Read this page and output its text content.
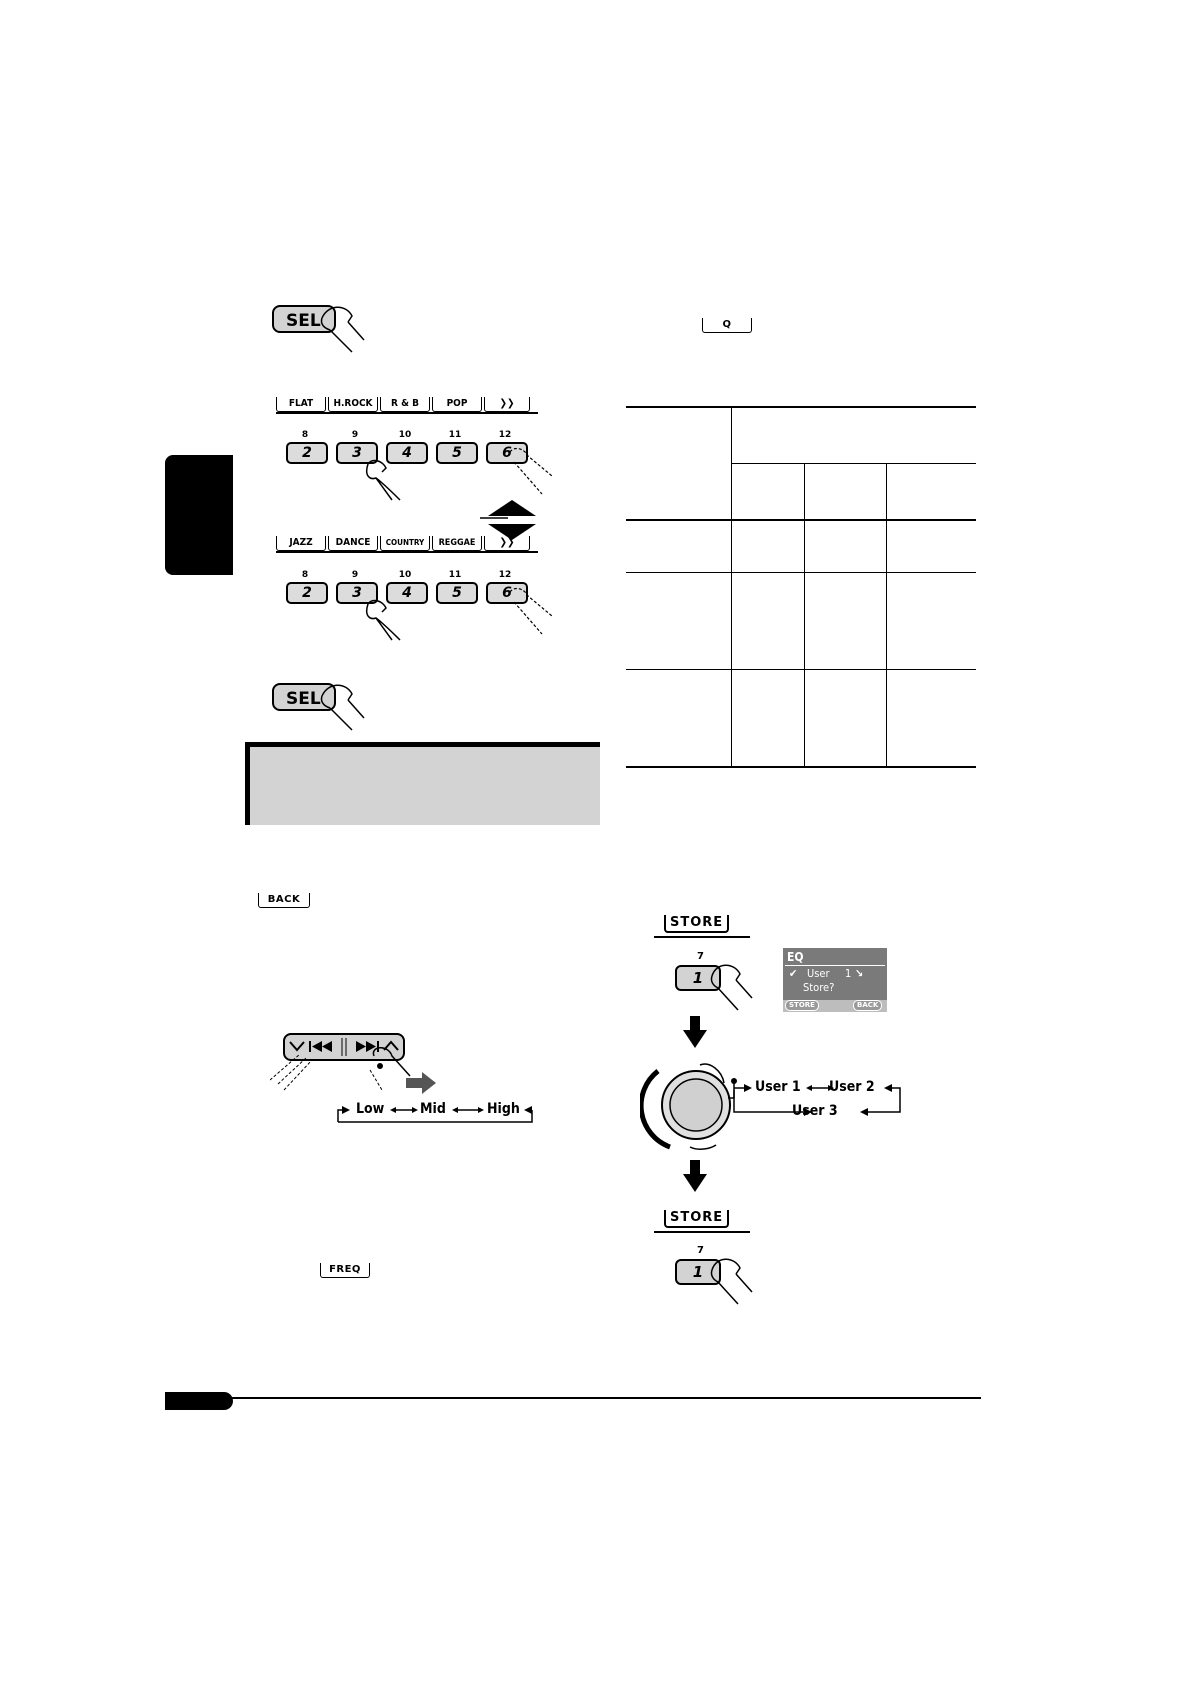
SEL
FLAT	H.ROCK	R & B	POP	❯❯
8	9	10	11	12
2	3	4	5	6
JAZZ	DANCE	COUNTRY	REGGAE	❯❯
8	9	10	11	12
2	3	4	5	6
SEL
BACK
Low	Mid	High
FREQ
Q
STORE
7
1
EQ
✔ User 1 ↘
Store?
STORE	BACK
User 1 User 2
User 3
STORE
7
1
